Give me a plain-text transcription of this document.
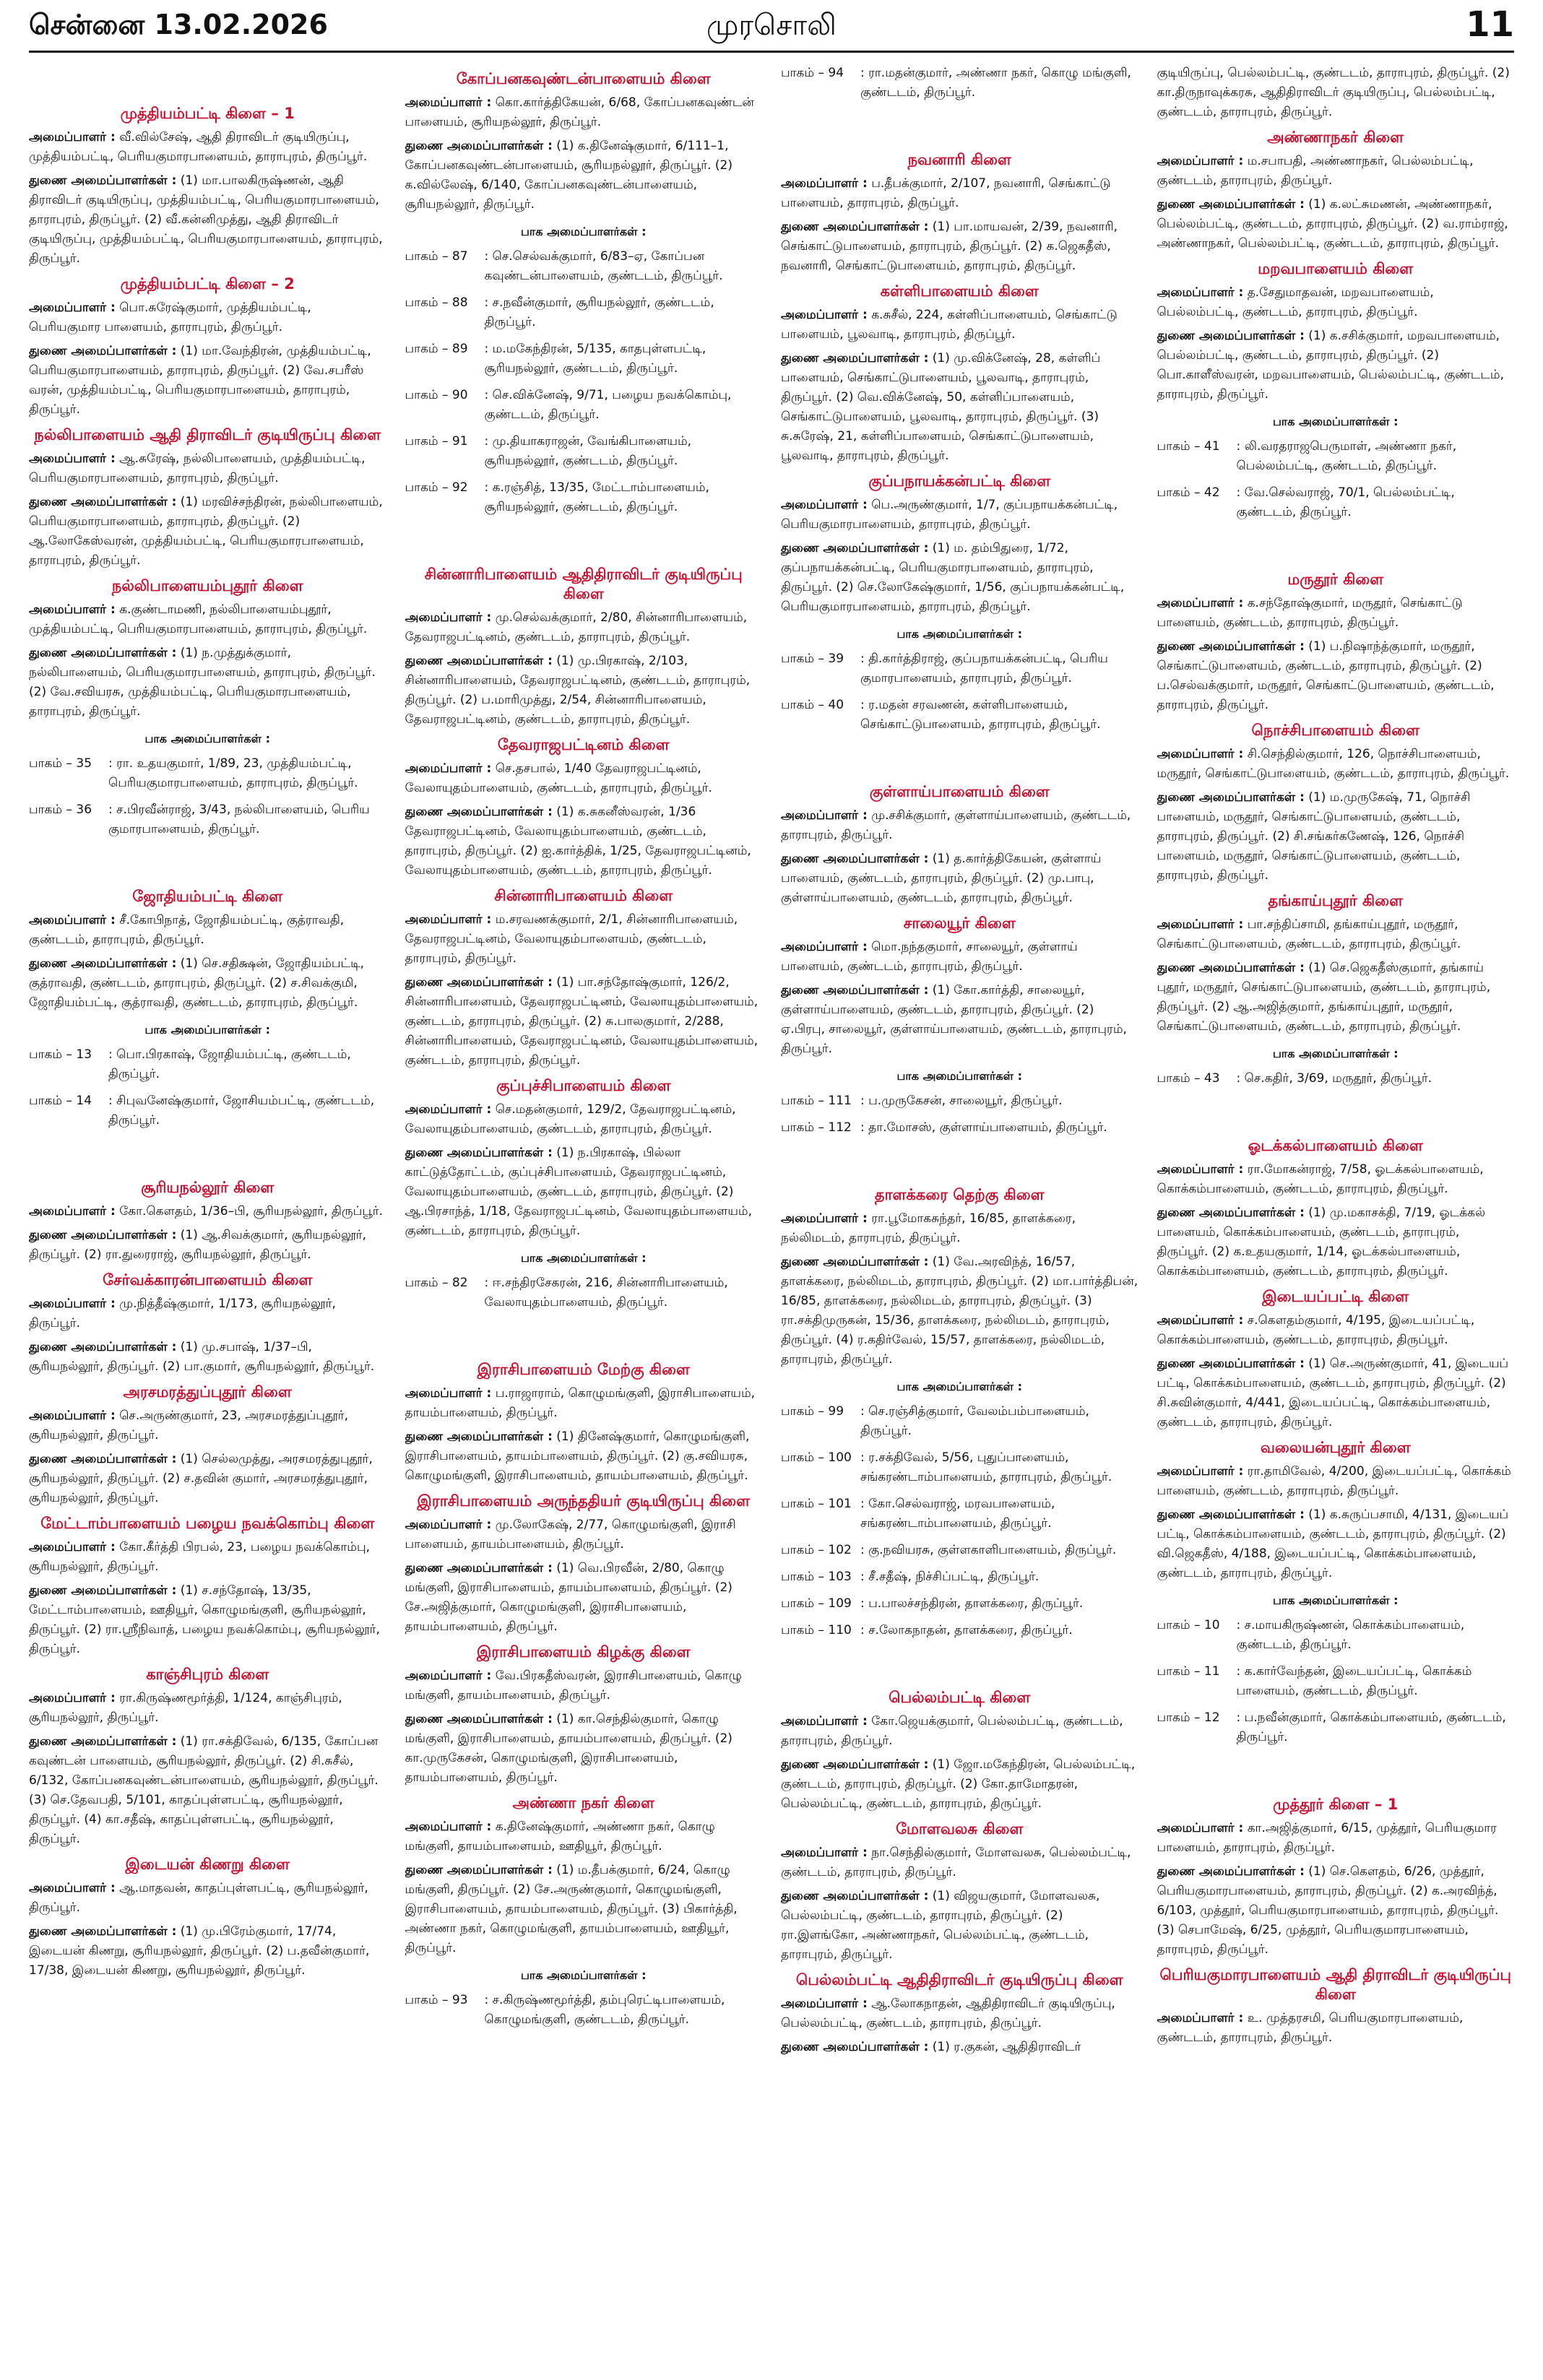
சென்னை 13.02.2026	முரசொலி	11
முத்தியம்பட்டி கிளை – 1

அமைப்பாளர் : வீ.வில்சேஷ், ஆதி திராவிடர் குடியிருப்பு, முத்தியம்பட்டி, பெரியகுமாரபாளையம், தாராபுரம், திருப்பூர்.

துணை அமைப்பாளர்கள் : (1) மா.பாலகிருஷ்ணன், ஆதி திராவிடர் குடியிருப்பு, முத்தியம்பட்டி, பெரியகுமாரபாளையம், தாராபுரம், திருப்பூர். (2) வீ.கன்னிமுத்து, ஆதி திராவிடர் குடியிருப்பு, முத்தியம்பட்டி, பெரியகுமாரபாளையம், தாராபுரம், திருப்பூர்.

முத்தியம்பட்டி கிளை – 2

அமைப்பாளர் : பொ.சுரேஷ்குமார், முத்தியம்பட்டி, பெரியகுமார பாளையம், தாராபுரம், திருப்பூர்.

துணை அமைப்பாளர்கள் : (1) மா.வேந்திரன், முத்தியம்பட்டி, பெரியகுமாரபாளையம், தாராபுரம், திருப்பூர். (2) வே.சபரீஸ் வரன், முத்தியம்பட்டி, பெரியகுமாரபாளையம், தாராபுரம், திருப்பூர்.

நல்லிபாளையம் ஆதி திராவிடர் குடியிருப்பு கிளை

அமைப்பாளர் : ஆ.சுரேஷ், நல்லிபாளையம், முத்தியம்பட்டி, பெரியகுமாரபாளையம், தாராபுரம், திருப்பூர்.

துணை அமைப்பாளர்கள் : (1) மரவிச்சந்திரன், நல்லிபாளையம், பெரியகுமாரபாளையம், தாராபுரம், திருப்பூர். (2) ஆ.லோகேஸ்வரன், முத்தியம்பட்டி, பெரியகுமாரபாளையம், தாராபுரம், திருப்பூர்.

நல்லிபாளையம்புதூர் கிளை

அமைப்பாளர் : க.குண்டாமணி, நல்லிபாளையம்புதூர், முத்தியம்பட்டி, பெரியகுமாரபாளையம், தாராபுரம், திருப்பூர்.

துணை அமைப்பாளர்கள் : (1) ந.முத்துக்குமார், நல்லிபாளையம், பெரியகுமாரபாளையம், தாராபுரம், திருப்பூர். (2) வே.சவியரசு, முத்தியம்பட்டி, பெரியகுமாரபாளையம், தாராபுரம், திருப்பூர்.

பாக அமைப்பாளர்கள் :
பாகம் – 35	: ரா. உதயகுமார், 1/89, 23, முத்தியம்பட்டி, பெரியகுமாரபாளையம், தாராபுரம், திருப்பூர்.
பாகம் – 36	: ச.பிரவீன்ராஜ், 3/43, நல்லிபாளையம், பெரிய குமாரபாளையம், திருப்பூர்.
ஜோதியம்பட்டி கிளை

அமைப்பாளர் : சீ.கோபிநாத், ஜோதியம்பட்டி, குத்ராவதி, குண்டடம், தாராபுரம், திருப்பூர்.

துணை அமைப்பாளர்கள் : (1) செ.சதிக்ஷன், ஜோதியம்பட்டி, குத்ராவதி, குண்டடம், தாராபுரம், திருப்பூர். (2) ச.சிவக்குமி, ஜோதியம்பட்டி, குத்ராவதி, குண்டடம், தாராபுரம், திருப்பூர்.

பாக அமைப்பாளர்கள் :
பாகம் – 13	: பொ.பிரகாஷ், ஜோதியம்பட்டி, குண்டடம், திருப்பூர்.
பாகம் – 14	: சிபுவனேஷ்குமார், ஜோசியம்பட்டி, குண்டடம், திருப்பூர்.
சூரியநல்லூர் கிளை

அமைப்பாளர் : கோ.கௌதம், 1/36–பி, சூரியநல்லூர், திருப்பூர்.

துணை அமைப்பாளர்கள் : (1) ஆ.சிவக்குமார், சூரியநல்லூர், திருப்பூர். (2) ரா.துரைராஜ், சூரியநல்லூர், திருப்பூர்.

சேர்வக்காரன்பாளையம் கிளை

அமைப்பாளர் : மு.நித்தீஷ்குமார், 1/173, சூரியநல்லூர், திருப்பூர்.

துணை அமைப்பாளர்கள் : (1) மு.சபாஷ், 1/37–பி, சூரியநல்லூர், திருப்பூர். (2) பா.குமார், சூரியநல்லூர், திருப்பூர்.

அரசமரத்துப்புதூர் கிளை

அமைப்பாளர் : செ.அருண்குமார், 23, அரசமரத்துப்புதூர், சூரியநல்லூர், திருப்பூர்.

துணை அமைப்பாளர்கள் : (1) செல்லமுத்து, அரசமரத்துபுதூர், சூரியநல்லூர், திருப்பூர். (2) ச.தவின் குமார், அரசமரத்துபுதூர், சூரியநல்லூர், திருப்பூர்.

மேட்டாம்பாளையம் பழைய நவக்கொம்பு கிளை

அமைப்பாளர் : கோ.கீர்த்தி பிரபல், 23, பழைய நவக்கொம்பு, சூரியநல்லூர், திருப்பூர்.

துணை அமைப்பாளர்கள் : (1) ச.சந்தோஷ், 13/35, மேட்டாம்பாளையம், ஊதியூர், கொழுமங்குளி, சூரியநல்லூர், திருப்பூர். (2) ரா.ஸ்ரீநிவாத், பழைய நவக்கொம்பு, சூரியநல்லூர், திருப்பூர்.

காஞ்சிபுரம் கிளை

அமைப்பாளர் : ரா.கிருஷ்ணமூர்த்தி, 1/124, காஞ்சிபுரம், சூரியநல்லூர், திருப்பூர்.

துணை அமைப்பாளர்கள் : (1) ரா.சக்திவேல், 6/135, கோப்பன கவுண்டன் பாளையம், சூரியநல்லூர், திருப்பூர். (2) சி.சுசீல், 6/132, கோப்பனகவுண்டன்பாளையம், சூரியநல்லூர், திருப்பூர். (3) செ.தேவபதி, 5/101, காதப்புள்ளபட்டி, சூரியநல்லூர், திருப்பூர். (4) கா.சதீஷ், காதப்புள்ளபட்டி, சூரியநல்லூர், திருப்பூர்.

இடையன் கிணறு கிளை

அமைப்பாளர் : ஆ.மாதவன், காதப்புள்ளபட்டி, சூரியநல்லூர், திருப்பூர்.

துணை அமைப்பாளர்கள் : (1) மு.பிரேம்குமார், 17/74, இடையன் கிணறு, சூரியநல்லூர், திருப்பூர். (2) ப.தவீன்குமார், 17/38, இடையன் கிணறு, சூரியநல்லூர், திருப்பூர்.

கோப்பனகவுண்டன்பாளையம் கிளை

அமைப்பாளர் : கொ.கார்த்திகேயன், 6/68, கோப்பனகவுண்டன் பாளையம், சூரியநல்லூர், திருப்பூர்.

துணை அமைப்பாளர்கள் : (1) க.தினேஷ்குமார், 6/111–1, கோப்பனகவுண்டன்பாளையம், சூரியநல்லூர், திருப்பூர். (2) க.வில்லேஷ், 6/140, கோப்பனகவுண்டன்பாளையம், சூரியநல்லூர், திருப்பூர்.

பாக அமைப்பாளர்கள் :
பாகம் – 87	: செ.செல்வக்குமார், 6/83–ஏ, கோப்பன கவுண்டன்பாளையம், குண்டடம், திருப்பூர்.
பாகம் – 88	: ச.நவீன்குமார், சூரியநல்லூர், குண்டடம், திருப்பூர்.
பாகம் – 89	: ம.மகேந்திரன், 5/135, காதபுள்ளபட்டி, சூரியநல்லூர், குண்டடம், திருப்பூர்.
பாகம் – 90	: செ.விக்னேஷ், 9/71, பழைய நவக்கொம்பு, குண்டடம், திருப்பூர்.
பாகம் – 91	: மு.தியாகராஜன், வேங்கிபாளையம், சூரியநல்லூர், குண்டடம், திருப்பூர்.
பாகம் – 92	: க.ரஞ்சித், 13/35, மேட்டாம்பாளையம், சூரியநல்லூர், குண்டடம், திருப்பூர்.
சின்னாரிபாளையம் ஆதிதிராவிடர் குடியிருப்பு கிளை

அமைப்பாளர் : மு.செல்வக்குமார், 2/80, சின்னாரிபாளையம், தேவராஜபட்டினம், குண்டடம், தாராபுரம், திருப்பூர்.

துணை அமைப்பாளர்கள் : (1) மு.பிரகாஷ், 2/103, சின்னாரிபாளையம், தேவராஜபட்டினம், குண்டடம், தாராபுரம், திருப்பூர். (2) ப.மாரிமுத்து, 2/54, சின்னாரிபாளையம், தேவராஜபட்டினம், குண்டடம், தாராபுரம், திருப்பூர்.

தேவராஜபட்டினம் கிளை

அமைப்பாளர் : செ.தசபால், 1/40 தேவராஜபட்டினம், வேலாயுதம்பாளையம், குண்டடம், தாராபுரம், திருப்பூர்.

துணை அமைப்பாளர்கள் : (1) க.சுகனீஸ்வரன், 1/36 தேவராஜபட்டினம், வேலாயுதம்பாளையம், குண்டடம், தாராபுரம், திருப்பூர். (2) ஐ.கார்த்திக், 1/25, தேவராஜபட்டினம், வேலாயுதம்பாளையம், குண்டடம், தாராபுரம், திருப்பூர்.

சின்னாரிபாளையம் கிளை

அமைப்பாளர் : ம.சரவணக்குமார், 2/1, சின்னாரிபாளையம், தேவராஜபட்டினம், வேலாயுதம்பாளையம், குண்டடம், தாராபுரம், திருப்பூர்.

துணை அமைப்பாளர்கள் : (1) பா.சந்தோஷ்குமார், 126/2, சின்னாரிபாளையம், தேவராஜபட்டினம், வேலாயுதம்பாளையம், குண்டடம், தாராபுரம், திருப்பூர். (2) சு.பாலகுமார், 2/288, சின்னாரிபாளையம், தேவராஜபட்டினம், வேலாயுதம்பாளையம், குண்டடம், தாராபுரம், திருப்பூர்.

குப்புச்சிபாளையம் கிளை

அமைப்பாளர் : செ.மதன்குமார், 129/2, தேவராஜபட்டினம், வேலாயுதம்பாளையம், குண்டடம், தாராபுரம், திருப்பூர்.

துணை அமைப்பாளர்கள் : (1) ந.பிரகாஷ், பில்லா காட்டுத்தோட்டம், குப்புச்சிபாளையம், தேவராஜபட்டினம், வேலாயுதம்பாளையம், குண்டடம், தாராபுரம், திருப்பூர். (2) ஆ.பிரசாந்த், 1/18, தேவராஜபட்டினம், வேலாயுதம்பாளையம், குண்டடம், தாராபுரம், திருப்பூர்.

பாக அமைப்பாளர்கள் :
பாகம் – 82	: ஈ.சந்திரசேகரன், 216, சின்னாரிபாளையம், வேலாயுதம்பாளையம், திருப்பூர்.
இராசிபாளையம் மேற்கு கிளை

அமைப்பாளர் : ப.ராஜாராம், கொழுமங்குளி, இராசிபாளையம், தாயம்பாளையம், திருப்பூர்.

துணை அமைப்பாளர்கள் : (1) தினேஷ்குமார், கொழுமங்குளி, இராசிபாளையம், தாயம்பாளையம், திருப்பூர். (2) கு.சவியரசு, கொழுமங்குளி, இராசிபாளையம், தாயம்பாளையம், திருப்பூர்.

இராசிபாளையம் அருந்ததியர் குடியிருப்பு கிளை

அமைப்பாளர் : மு.லோகேஷ், 2/77, கொழுமங்குளி, இராசி பாளையம், தாயம்பாளையம், திருப்பூர்.

துணை அமைப்பாளர்கள் : (1) வெ.பிரவீன், 2/80, கொழு மங்குளி, இராசிபாளையம், தாயம்பாளையம், திருப்பூர். (2) சே.அஜித்குமார், கொழுமங்குளி, இராசிபாளையம், தாயம்பாளையம், திருப்பூர்.

இராசிபாளையம் கிழக்கு கிளை

அமைப்பாளர் : வே.பிரகதீஸ்வரன், இராசிபாளையம், கொழு மங்குளி, தாயம்பாளையம், திருப்பூர்.

துணை அமைப்பாளர்கள் : (1) கா.செந்தில்குமார், கொழு மங்குளி, இராசிபாளையம், தாயம்பாளையம், திருப்பூர். (2) கா.முருகேசன், கொழுமங்குளி, இராசிபாளையம், தாயம்பாளையம், திருப்பூர்.

அண்ணா நகர் கிளை

அமைப்பாளர் : க.தினேஷ்குமார், அண்ணா நகர், கொழு மங்குளி, தாயம்பாளையம், ஊதியூர், திருப்பூர்.

துணை அமைப்பாளர்கள் : (1) ம.தீபக்குமார், 6/24, கொழு மங்குளி, திருப்பூர். (2) சே.அருண்குமார், கொழுமங்குளி, இராசிபாளையம், தாயம்பாளையம், திருப்பூர். (3) பிகார்த்தி, அண்ணா நகர், கொழுமங்குளி, தாயம்பாளையம், ஊதியூர், திருப்பூர்.

பாக அமைப்பாளர்கள் :
பாகம் – 93	: ச.கிருஷ்ணமூர்த்தி, தம்புரெட்டிபாளையம், கொழுமங்குளி, குண்டடம், திருப்பூர்.
பாகம் – 94	: ரா.மதன்குமார், அண்ணா நகர், கொழு மங்குளி, குண்டடம், திருப்பூர்.
நவனாரி கிளை

அமைப்பாளர் : ப.தீபக்குமார், 2/107, நவனாரி, செங்காட்டு பாளையம், தாராபுரம், திருப்பூர்.

துணை அமைப்பாளர்கள் : (1) பா.மாயவன், 2/39, நவனாரி, செங்காட்டுபாளையம், தாராபுரம், திருப்பூர். (2) க.ஜெகதீஸ், நவனாரி, செங்காட்டுபாளையம், தாராபுரம், திருப்பூர்.

கள்ளிபாளையம் கிளை

அமைப்பாளர் : க.சுசீல், 224, கள்ளிப்பாளையம், செங்காட்டு பாளையம், பூலவாடி, தாராபுரம், திருப்பூர்.

துணை அமைப்பாளர்கள் : (1) மு.விக்னேஷ், 28, கள்ளிப் பாளையம், செங்காட்டுபாளையம், பூலவாடி, தாராபுரம், திருப்பூர். (2) வெ.விக்னேஷ், 50, கள்ளிப்பாளையம், செங்காட்டுபாளையம், பூலவாடி, தாராபுரம், திருப்பூர். (3) சு.சுரேஷ், 21, கள்ளிப்பாளையம், செங்காட்டுபாளையம், பூலவாடி, தாராபுரம், திருப்பூர்.

குப்பநாயக்கன்பட்டி கிளை

அமைப்பாளர் : பெ.அருண்குமார், 1/7, குப்பநாயக்கன்பட்டி, பெரியகுமாரபாளையம், தாராபுரம், திருப்பூர்.

துணை அமைப்பாளர்கள் : (1) ம. தம்பிதுரை, 1/72, குப்பநாயக்கன்பட்டி, பெரியகுமாரபாளையம், தாராபுரம், திருப்பூர். (2) செ.லோகேஷ்குமார், 1/56, குப்பநாயக்கன்பட்டி, பெரியகுமாரபாளையம், தாராபுரம், திருப்பூர்.

பாக அமைப்பாளர்கள் :
பாகம் – 39	: தி.கார்த்திராஜ், குப்பநாயக்கன்பட்டி, பெரிய குமாரபாளையம், தாராபுரம், திருப்பூர்.
பாகம் – 40	: ர.மதன் சரவணன், கள்ளிபாளையம், செங்காட்டுபாளையம், தாராபுரம், திருப்பூர்.
குள்ளாய்பாளையம் கிளை

அமைப்பாளர் : மு.சசிக்குமார், குள்ளாய்பாளையம், குண்டடம், தாராபுரம், திருப்பூர்.

துணை அமைப்பாளர்கள் : (1) த.கார்த்திகேயன், குள்ளாய் பாளையம், குண்டடம், தாராபுரம், திருப்பூர். (2) மு.பாபு, குள்ளாய்பாளையம், குண்டடம், தாராபுரம், திருப்பூர்.

சாலையூர் கிளை

அமைப்பாளர் : மொ.நந்தகுமார், சாலையூர், குள்ளாய் பாளையம், குண்டடம், தாராபுரம், திருப்பூர்.

துணை அமைப்பாளர்கள் : (1) கோ.கார்த்தி, சாலையூர், குள்ளாய்பாளையம், குண்டடம், தாராபுரம், திருப்பூர். (2) ஏ.பிரபு, சாலையூர், குள்ளாய்பாளையம், குண்டடம், தாராபுரம், திருப்பூர்.

பாக அமைப்பாளர்கள் :
பாகம் – 111 : ப.முருகேசன், சாலையூர், திருப்பூர்.
பாகம் – 112 : தா.மோசஸ், குள்ளாய்பாளையம், திருப்பூர்.
தாளக்கரை தெற்கு கிளை

அமைப்பாளர் : ரா.பூமோகசுந்தர், 16/85, தாளக்கரை, நல்லிமடம், தாராபுரம், திருப்பூர்.

துணை அமைப்பாளர்கள் : (1) வே.அரவிந்த், 16/57, தாளக்கரை, நல்லிமடம், தாராபுரம், திருப்பூர். (2) மா.பார்த்திபன், 16/85, தாளக்கரை, நல்லிமடம், தாராபுரம், திருப்பூர். (3) ரா.சக்திமுருகன், 15/36, தாளக்கரை, நல்லிமடம், தாராபுரம், திருப்பூர். (4) ர.கதிர்வேல், 15/57, தாளக்கரை, நல்லிமடம், தாராபுரம், திருப்பூர்.

பாக அமைப்பாளர்கள் :
பாகம் – 99	: செ.ரஞ்சித்குமார், வேலம்பம்பாளையம், திருப்பூர்.
பாகம் – 100 : ர.சக்திவேல், 5/56, புதுப்பாளையம், சங்கரண்டாம்பாளையம், தாராபுரம், திருப்பூர்.
பாகம் – 101 : கோ.செல்வராஜ், மரவபாளையம், சங்கரண்டாம்பாளையம், திருப்பூர்.
பாகம் – 102 : கு.நவியரசு, குள்ளகாளிபாளையம், திருப்பூர்.
பாகம் – 103 : சீ.சதீஷ், நிச்சிப்பட்டி, திருப்பூர்.
பாகம் – 109 : ப.பாலச்சந்திரன், தாளக்கரை, திருப்பூர்.
பாகம் – 110 : ச.லோகநாதன், தாளக்கரை, திருப்பூர்.
பெல்லம்பட்டி கிளை

அமைப்பாளர் : கோ.ஜெயக்குமார், பெல்லம்பட்டி, குண்டடம், தாராபுரம், திருப்பூர்.

துணை அமைப்பாளர்கள் : (1) ஜோ.மகேந்திரன், பெல்லம்பட்டி, குண்டடம், தாராபுரம், திருப்பூர். (2) கோ.தாமோதரன், பெல்லம்பட்டி, குண்டடம், தாராபுரம், திருப்பூர்.

மோளவலசு கிளை

அமைப்பாளர் : நா.செந்தில்குமார், மோளவலசு, பெல்லம்பட்டி, குண்டடம், தாராபுரம், திருப்பூர்.

துணை அமைப்பாளர்கள் : (1) விஜயகுமார், மோளவலசு, பெல்லம்பட்டி, குண்டடம், தாராபுரம், திருப்பூர். (2) ரா.இளங்கோ, அண்ணாநகர், பெல்லம்பட்டி, குண்டடம், தாராபுரம், திருப்பூர்.

பெல்லம்பட்டி ஆதிதிராவிடர் குடியிருப்பு கிளை

அமைப்பாளர் : ஆ.லோகநாதன், ஆதிதிராவிடர் குடியிருப்பு, பெல்லம்பட்டி, குண்டடம், தாராபுரம், திருப்பூர்.

துணை அமைப்பாளர்கள் : (1) ர.குகன், ஆதிதிராவிடர்

குடியிருப்பு, பெல்லம்பட்டி, குண்டடம், தாராபுரம், திருப்பூர். (2) கா.திருநாவுக்கரசு, ஆதிதிராவிடர் குடியிருப்பு, பெல்லம்பட்டி, குண்டடம், தாராபுரம், திருப்பூர்.

அண்ணாநகர் கிளை

அமைப்பாளர் : ம.சபாபதி, அண்ணாநகர், பெல்லம்பட்டி, குண்டடம், தாராபுரம், திருப்பூர்.

துணை அமைப்பாளர்கள் : (1) க.லட்சுமணன், அண்ணாநகர், பெல்லம்பட்டி, குண்டடம், தாராபுரம், திருப்பூர். (2) வ.ராம்ராஜ், அண்ணாநகர், பெல்லம்பட்டி, குண்டடம், தாராபுரம், திருப்பூர்.

மறவபாளையம் கிளை

அமைப்பாளர் : த.சேதுமாதவன், மறவபாளையம், பெல்லம்பட்டி, குண்டடம், தாராபுரம், திருப்பூர்.

துணை அமைப்பாளர்கள் : (1) க.சசிக்குமார், மறவபாளையம், பெல்லம்பட்டி, குண்டடம், தாராபுரம், திருப்பூர். (2) பொ.காளீஸ்வரன், மறவபாளையம், பெல்லம்பட்டி, குண்டடம், தாராபுரம், திருப்பூர்.

பாக அமைப்பாளர்கள் :
பாகம் – 41	: லி.வரதராஜபெருமாள், அண்ணா நகர், பெல்லம்பட்டி, குண்டடம், திருப்பூர்.
பாகம் – 42	: வே.செல்வராஜ், 70/1, பெல்லம்பட்டி, குண்டடம், திருப்பூர்.
மருதூர் கிளை

அமைப்பாளர் : க.சந்தோஷ்குமார், மருதூர், செங்காட்டு பாளையம், குண்டடம், தாராபுரம், திருப்பூர்.

துணை அமைப்பாளர்கள் : (1) ப.நிஷாந்த்குமார், மருதூர், செங்காட்டுபாளையம், குண்டடம், தாராபுரம், திருப்பூர். (2) ப.செல்வக்குமார், மருதூர், செங்காட்டுபாளையம், குண்டடம், தாராபுரம், திருப்பூர்.

நொச்சிபாளையம் கிளை

அமைப்பாளர் : சி.செந்தில்குமார், 126, நொச்சிபாளையம், மருதூர், செங்காட்டுபாளையம், குண்டடம், தாராபுரம், திருப்பூர்.

துணை அமைப்பாளர்கள் : (1) ம.முருகேஷ், 71, நொச்சி பாளையம், மருதூர், செங்காட்டுபாளையம், குண்டடம், தாராபுரம், திருப்பூர். (2) சி.சங்கர்கணேஷ், 126, நொச்சி பாளையம், மருதூர், செங்காட்டுபாளையம், குண்டடம், தாராபுரம், திருப்பூர்.

தங்காய்புதூர் கிளை

அமைப்பாளர் : பா.சந்திப்சாமி, தங்காய்புதூர், மருதூர், செங்காட்டுபாளையம், குண்டடம், தாராபுரம், திருப்பூர்.

துணை அமைப்பாளர்கள் : (1) செ.ஜெகதீஸ்குமார், தங்காய் புதூர், மருதூர், செங்காட்டுபாளையம், குண்டடம், தாராபுரம், திருப்பூர். (2) ஆ.அஜித்குமார், தங்காய்புதூர், மருதூர், செங்காட்டுபாளையம், குண்டடம், தாராபுரம், திருப்பூர்.

பாக அமைப்பாளர்கள் :
பாகம் – 43	: செ.கதிர், 3/69, மருதூர், திருப்பூர்.
ஓடக்கல்பாளையம் கிளை

அமைப்பாளர் : ரா.மோகன்ராஜ், 7/58, ஓடக்கல்பாளையம், கொக்கம்பாளையம், குண்டடம், தாராபுரம், திருப்பூர்.

துணை அமைப்பாளர்கள் : (1) மு.மகாசக்தி, 7/19, ஓடக்கல் பாளையம், கொக்கம்பாளையம், குண்டடம், தாராபுரம், திருப்பூர். (2) க.உதயகுமார், 1/14, ஓடக்கல்பாளையம், கொக்கம்பாளையம், குண்டடம், தாராபுரம், திருப்பூர்.

இடையப்பட்டி கிளை

அமைப்பாளர் : ச.கௌதம்குமார், 4/195, இடையப்பட்டி, கொக்கம்பாளையம், குண்டடம், தாராபுரம், திருப்பூர்.

துணை அமைப்பாளர்கள் : (1) செ.அருண்குமார், 41, இடையப் பட்டி, கொக்கம்பாளையம், குண்டடம், தாராபுரம், திருப்பூர். (2) சி.சுவின்குமார், 4/441, இடையப்பட்டி, கொக்கம்பாளையம், குண்டடம், தாராபுரம், திருப்பூர்.

வலையன்புதூர் கிளை

அமைப்பாளர் : ரா.தாமிவேல், 4/200, இடையப்பட்டி, கொக்கம் பாளையம், குண்டடம், தாராபுரம், திருப்பூர்.

துணை அமைப்பாளர்கள் : (1) க.சுருப்பசாமி, 4/131, இடையப் பட்டி, கொக்கம்பாளையம், குண்டடம், தாராபுரம், திருப்பூர். (2) வி.ஜெகதீஸ், 4/188, இடையப்பட்டி, கொக்கம்பாளையம், குண்டடம், தாராபுரம், திருப்பூர்.

பாக அமைப்பாளர்கள் :
பாகம் – 10	: ச.மாயகிருஷ்ணன், கொக்கம்பாளையம், குண்டடம், திருப்பூர்.
பாகம் – 11	: க.கார்வேந்தன், இடையப்பட்டி, கொக்கம் பாளையம், குண்டடம், திருப்பூர்.
பாகம் – 12	: ப.நவீன்குமார், கொக்கம்பாளையம், குண்டடம், திருப்பூர்.
முத்தூர் கிளை – 1

அமைப்பாளர் : கா.அஜித்குமார், 6/15, முத்தூர், பெரியகுமார பாளையம், தாராபுரம், திருப்பூர்.

துணை அமைப்பாளர்கள் : (1) செ.கௌதம், 6/26, முத்தூர், பெரியகுமாரபாளையம், தாராபுரம், திருப்பூர். (2) க.அரவிந்த், 6/103, முத்தூர், பெரியகுமாரபாளையம், தாராபுரம், திருப்பூர். (3) செபாமேஷ், 6/25, முத்தூர், பெரியகுமாரபாளையம், தாராபுரம், திருப்பூர்.

பெரியகுமாரபாளையம் ஆதி திராவிடர் குடியிருப்பு கிளை

அமைப்பாளர் : உ. முத்தரசமி, பெரியகுமாரபாளையம், குண்டடம், தாராபுரம், திருப்பூர்.
